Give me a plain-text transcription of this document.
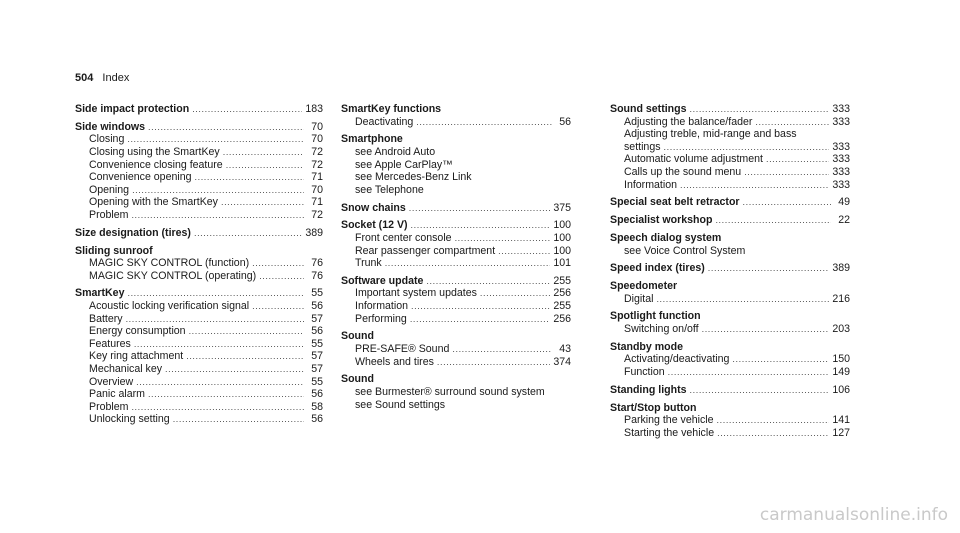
504 Index
Side impact protection .....	183
Side windows .....	70
Closing .....	70
Closing using the SmartKey .....	72
Convenience closing feature .....	72
Convenience opening .....	71
Opening .....	70
Opening with the SmartKey .....	71
Problem .....	72
Size designation (tires) .....	389
Sliding sunroof
MAGIC SKY CONTROL (function) .....	76
MAGIC SKY CONTROL (operating) .....	76
SmartKey .....	55
Acoustic locking verification signal .....	56
Battery .....	57
Energy consumption .....	56
Features .....	55
Key ring attachment .....	57
Mechanical key .....	57
Overview .....	55
Panic alarm .....	56
Problem .....	58
Unlocking setting .....	56
SmartKey functions
Deactivating .....	56
Smartphone
see Android Auto
see Apple CarPlay™
see Mercedes-Benz Link
see Telephone
Snow chains .....	375
Socket (12 V) .....	100
Front center console .....	100
Rear passenger compartment .....	100
Trunk .....	101
Software update .....	255
Important system updates .....	256
Information .....	255
Performing .....	256
Sound
PRE-SAFE® Sound .....	43
Wheels and tires .....	374
Sound
see Burmester® surround sound system
see Sound settings
Sound settings .....	333
Adjusting the balance/fader .....	333
Adjusting treble, mid-range and bass
settings .....	333
Automatic volume adjustment .....	333
Calls up the sound menu .....	333
Information .....	333
Special seat belt retractor .....	49
Specialist workshop .....	22
Speech dialog system
see Voice Control System
Speed index (tires) .....	389
Speedometer
Digital .....	216
Spotlight function
Switching on/off .....	203
Standby mode
Activating/deactivating .....	150
Function .....	149
Standing lights .....	106
Start/Stop button
Parking the vehicle .....	141
Starting the vehicle .....	127
carmanualsonline.info
